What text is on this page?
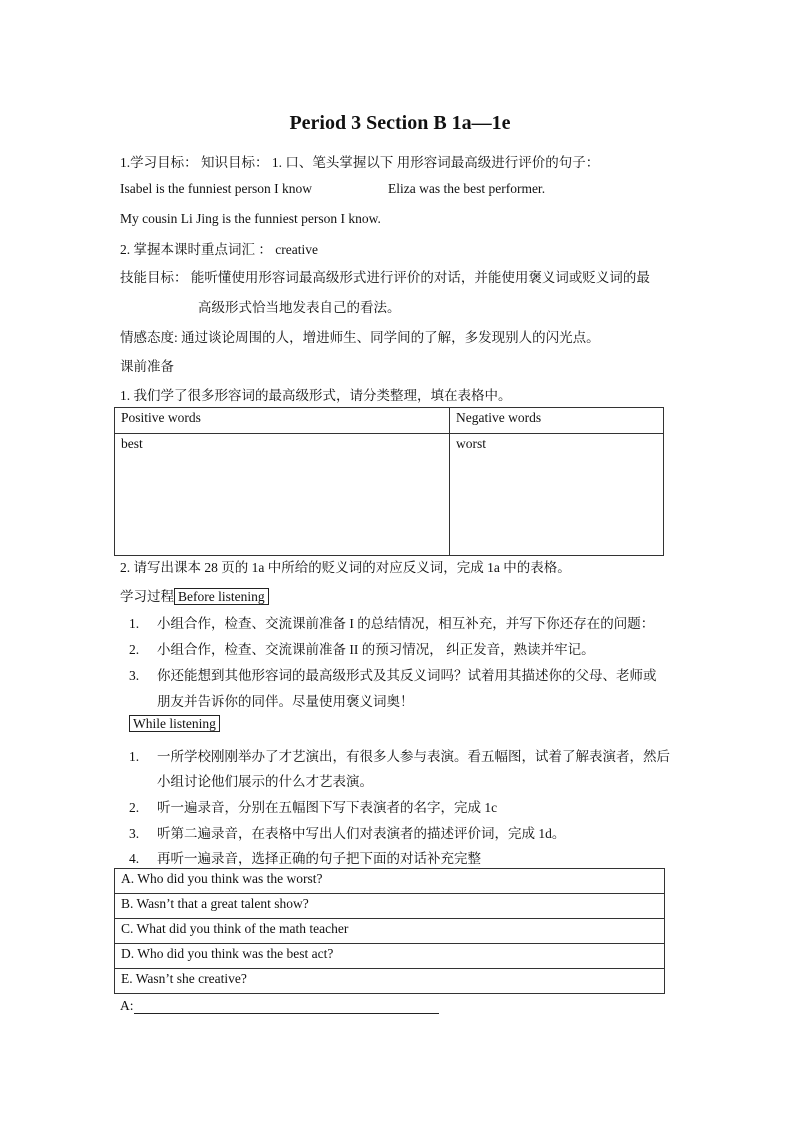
Period 3 Section B 1a—1e
1.学习目标： 知识目标： 1. 口、笔头掌握以下 用形容词最高级进行评价的句子：
Isabel is the funniest person I know	Eliza was the best performer.
My cousin Li Jing is the funniest person I know.
2. 掌握本课时重点词汇 ： creative
技能目标： 能听懂使用形容词最高级形式进行评价的对话，并能使用褒义词或贬义词的最
高级形式恰当地发表自己的看法。
情感态度: 通过谈论周围的人，增进师生、同学间的了解，多发现别人的闪光点。
课前准备
1. 我们学了很多形容词的最高级形式，请分类整理，填在表格中。
Positive words	Negative words
best	worst
2. 请写出课本 28 页的 1a 中所给的贬义词的对应反义词，完成 1a 中的表格。
学习过程 Before listening
1. 小组合作，检查、交流课前准备 I 的总结情况，相互补充，并写下你还存在的问题：
2. 小组合作，检查、交流课前准备 II 的预习情况， 纠正发音，熟读并牢记。
3. 你还能想到其他形容词的最高级形式及其反义词吗？试着用其描述你的父母、老师或
朋友并告诉你的同伴。尽量使用褒义词奥！
While listening
1. 一所学校刚刚举办了才艺演出，有很多人参与表演。看五幅图，试着了解表演者，然后
小组讨论他们展示的什么才艺表演。
2. 听一遍录音，分别在五幅图下写下表演者的名字，完成 1c
3. 听第二遍录音，在表格中写出人们对表演者的描述评价词，完成 1d。
4. 再听一遍录音，选择正确的句子把下面的对话补充完整
A. Who did you think was the worst?
B. Wasn’t that a great talent show?
C. What did you think of the math teacher
D. Who did you think was the best act?
E. Wasn’t she creative?
A:
